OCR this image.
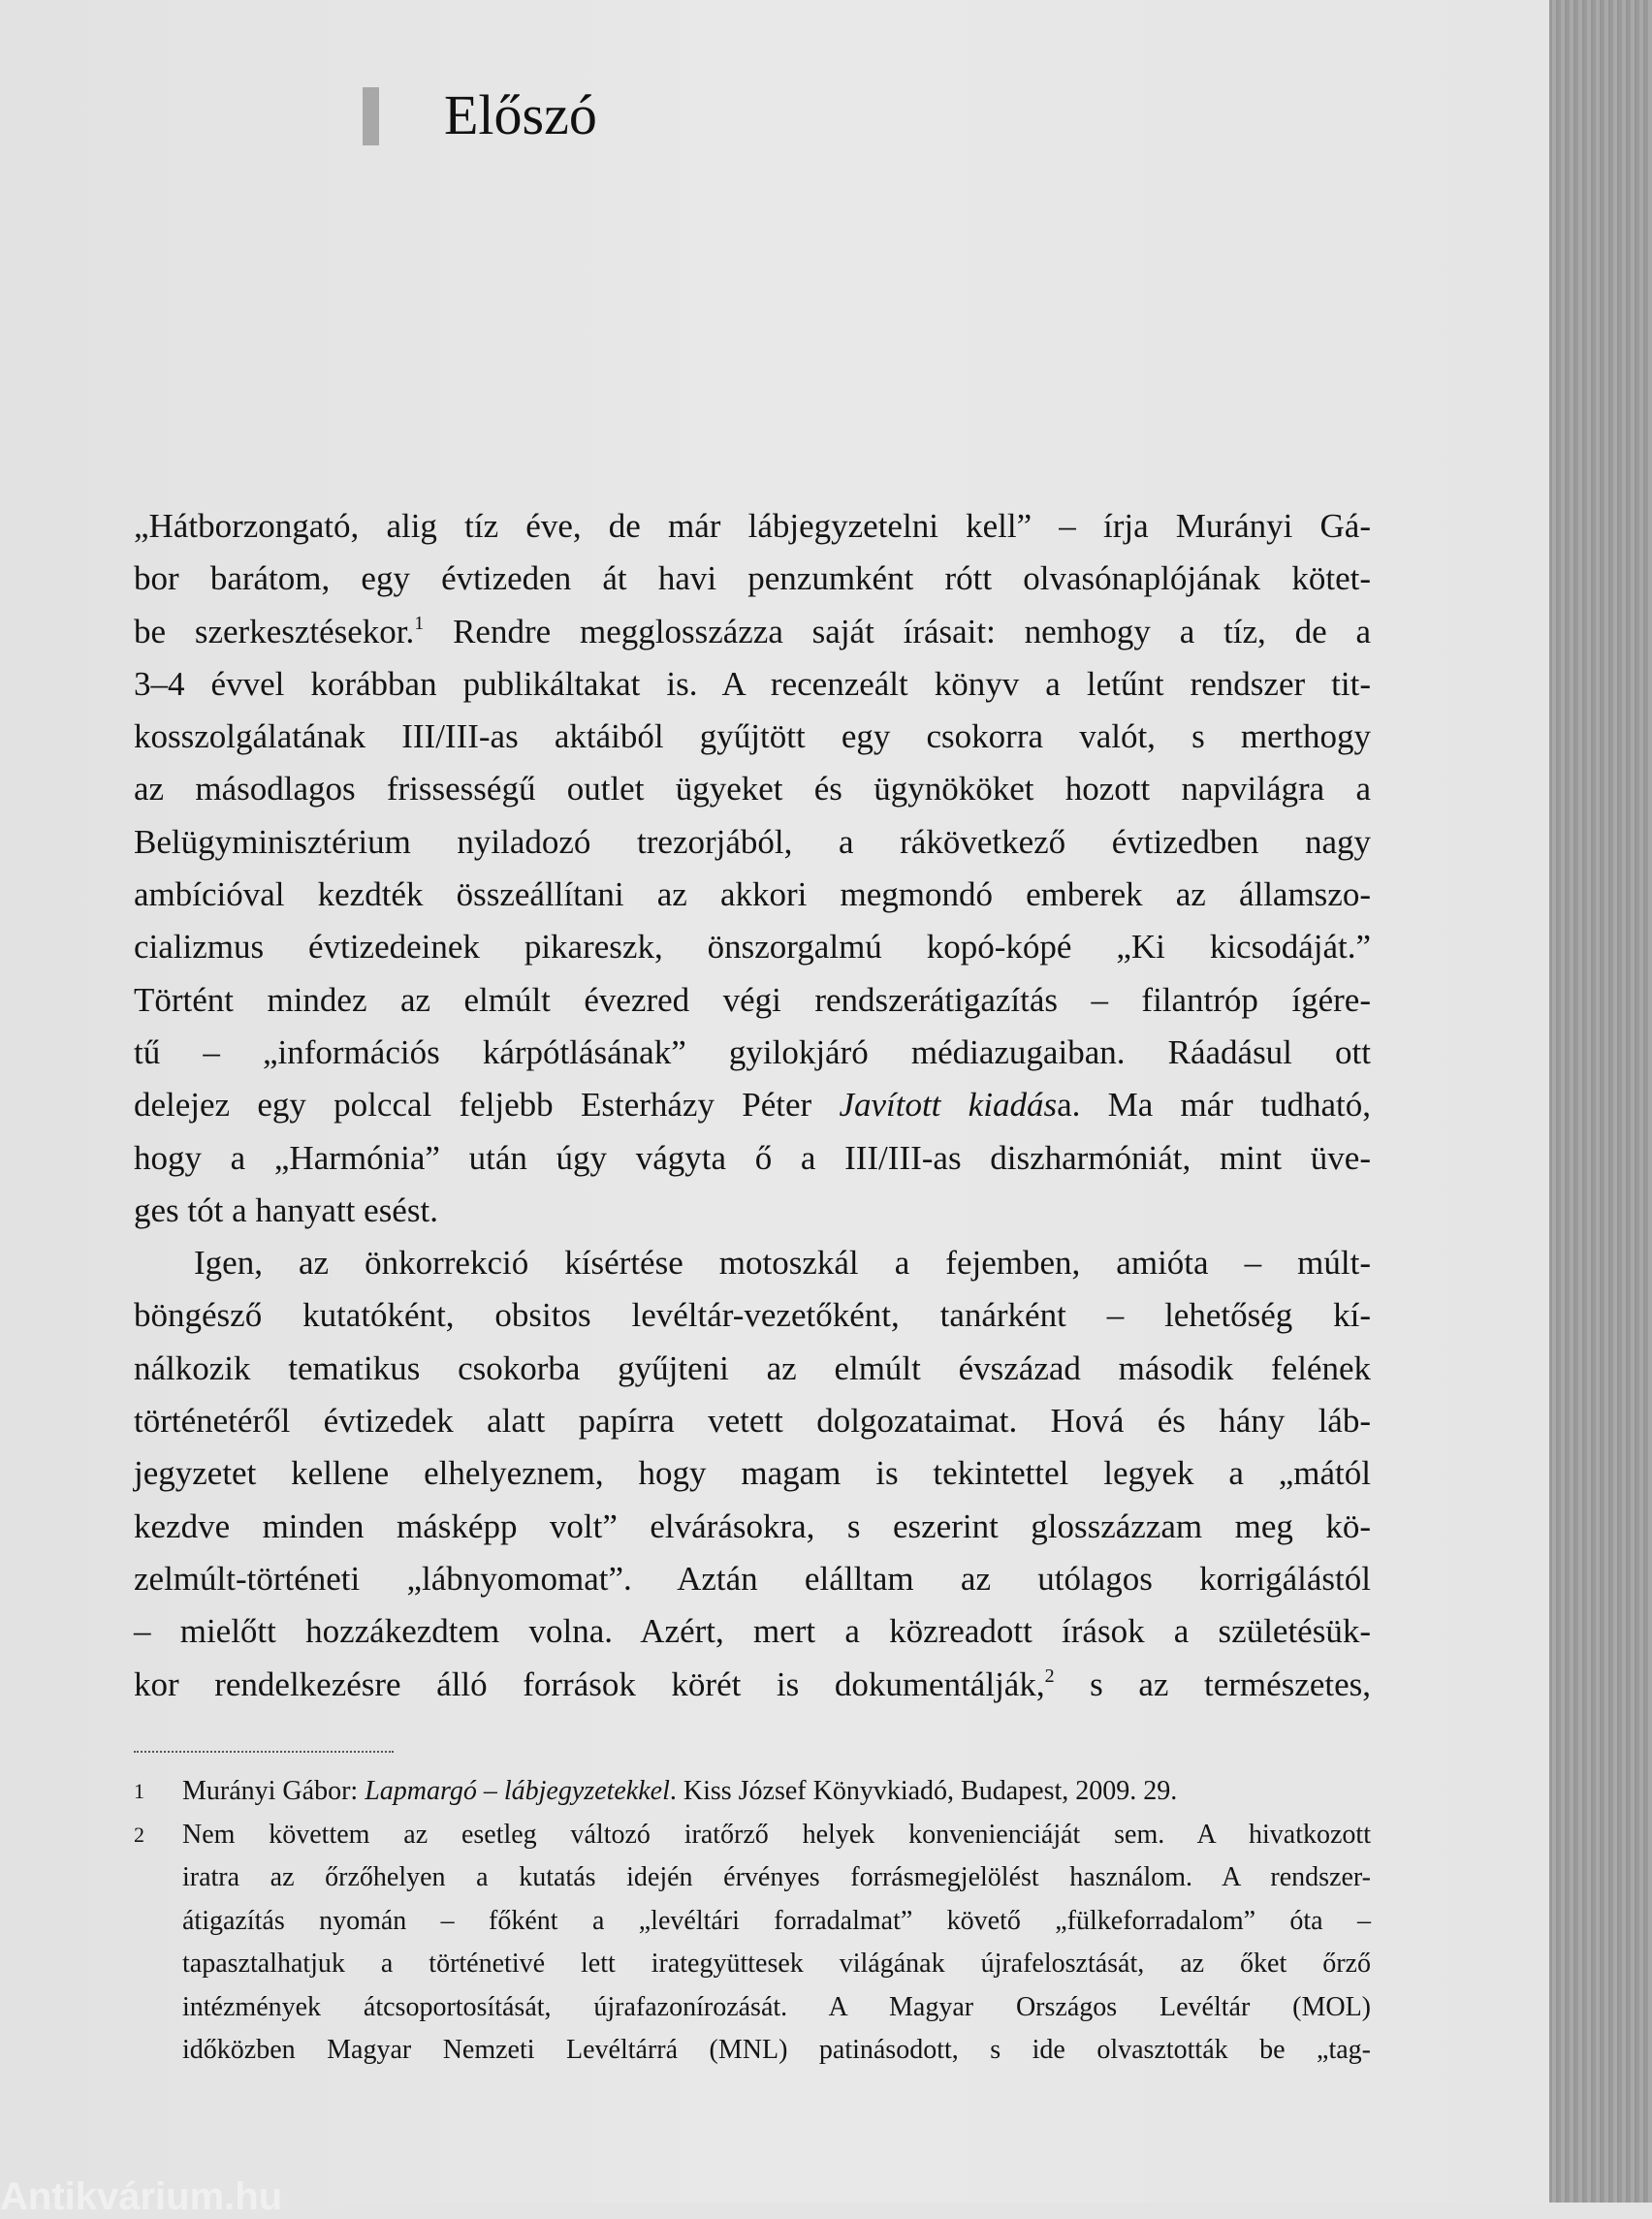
Előszó
„Hátborzongató, alig tíz éve, de már lábjegyzetelni kell” – írja Murányi Gá-
bor barátom, egy évtizeden át havi penzumként rótt olvasónaplójának kötet-
be szerkesztésekor.$^1$ Rendre megglosszázza saját írásait: nemhogy a tíz, de a
3–4 évvel korábban publikáltakat is. A recenzeált könyv a letűnt rendszer tit-
kosszolgálatának III/III-as aktáiból gyűjtött egy csokorra valót, s merthogy
az másodlagos frissességű outlet ügyeket és ügynököket hozott napvilágra a
Belügyminisztérium nyiladozó trezorjából, a rákövetkező évtizedben nagy
ambícióval kezdték összeállítani az akkori megmondó emberek az államszo-
cializmus évtizedeinek pikareszk, önszorgalmú kopó-kópé „Ki kicsodáját.”
Történt mindez az elmúlt évezred végi rendszerátigazítás – filantróp ígére-
tű – „információs kárpótlásának” gyilokjáró médiazugaiban. Ráadásul ott
delejez egy polccal feljebb Esterházy Péter Javított kiadása. Ma már tudható,
hogy a „Harmónia” után úgy vágyta ő a III/III-as diszharmóniát, mint üve-
ges tót a hanyatt esést.
Igen, az önkorrekció kísértése motoszkál a fejemben, amióta – múlt-
böngésző kutatóként, obsitos levéltár-vezetőként, tanárként – lehetőség kí-
nálkozik tematikus csokorba gyűjteni az elmúlt évszázad második felének
történetéről évtizedek alatt papírra vetett dolgozataimat. Hová és hány láb-
jegyzetet kellene elhelyeznem, hogy magam is tekintettel legyek a „mától
kezdve minden másképp volt” elvárásokra, s eszerint glosszázzam meg kö-
zelmúlt-történeti „lábnyomomat”. Aztán elálltam az utólagos korrigálástól
– mielőtt hozzákezdtem volna. Azért, mert a közreadott írások a születésük-
kor rendelkezésre álló források körét is dokumentálják,$^2$ s az természetes,
1	Murányi Gábor: Lapmargó – lábjegyzetekkel. Kiss József Könyvkiadó, Budapest, 2009. 29.
2	Nem követtem az esetleg változó iratőrző helyek konvenienciáját sem. A hivatkozott
iratra az őrzőhelyen a kutatás idején érvényes forrásmegjelölést használom. A rendszer-
átigazítás nyomán – főként a „levéltári forradalmat” követő „fülkeforradalom” óta –
tapasztalhatjuk a történetivé lett irategyüttesek világának újrafelosztását, az őket őrző
intézmények átcsoportosítását, újrafazonírozását. A Magyar Országos Levéltár (MOL)
időközben Magyar Nemzeti Levéltárrá (MNL) patinásodott, s ide olvasztották be „tag-
Antikvárium.hu
